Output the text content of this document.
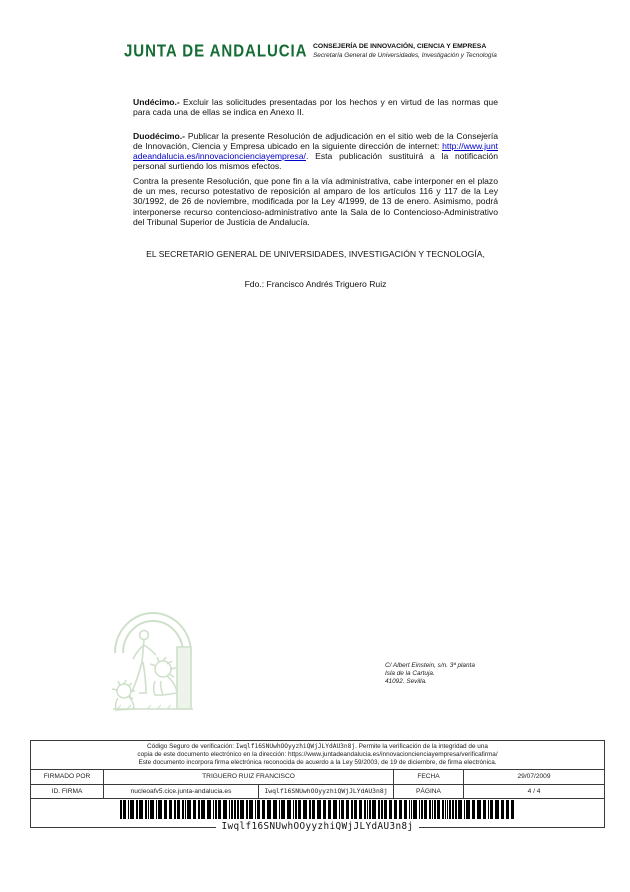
JUNTA DE ANDALUCIA CONSEJERÍA DE INNOVACIÓN, CIENCIA Y EMPRESA
Secretaría General de Universidades, Investigación y Tecnología

Undécimo.- Excluir las solicitudes presentadas por los hechos y en virtud de las normas que para cada una de ellas se indica en Anexo II.

Duodécimo.- Publicar la presente Resolución de adjudicación en el sitio web de la Consejería de Innovación, Ciencia y Empresa ubicado en la siguiente dirección de internet: http://www.juntadeandalucia.es/innovacioncienciayempresa/. Esta publicación sustituirá a la notificación personal surtiendo los mismos efectos.

Contra la presente Resolución, que pone fin a la vía administrativa, cabe interponer en el plazo de un mes, recurso potestativo de reposición al amparo de los artículos 116 y 117 de la Ley 30/1992, de 26 de noviembre, modificada por la Ley 4/1999, de 13 de enero. Asimismo, podrá interponerse recurso contencioso-administrativo ante la Sala de lo Contencioso-Administrativo del Tribunal Superior de Justicia de Andalucía.

EL SECRETARIO GENERAL DE UNIVERSIDADES, INVESTIGACIÓN Y TECNOLOGÍA,

Fdo.: Francisco Andrés Triguero Ruiz

C/ Albert Einstein, s/n. 3ª planta
Isla de la Cartuja.
41092. Sevilla.
Código Seguro de verificación: Iwqlf16SNUwhOOyyzhiQWjJLYdAU3n8j. Permite la verificación de la integridad de una
copia de este documento electrónico en la dirección: https://www.juntadeandalucia.es/innovacioncienciayempresa/verificafirma/
Este documento incorpora firma electrónica reconocida de acuerdo a la Ley 59/2003, de 19 de diciembre, de firma electrónica.
FIRMADO POR	TRIGUERO RUIZ FRANCISCO	FECHA	29/07/2009
ID. FIRMA	nucleoafv5.cice.junta-andalucia.es	Iwqlf16SNUwhOOyyzhiQWjJLYdAU3n8j	PÁGINA	4 / 4
Iwqlf16SNUwhOOyyzhiQWjJLYdAU3n8j
